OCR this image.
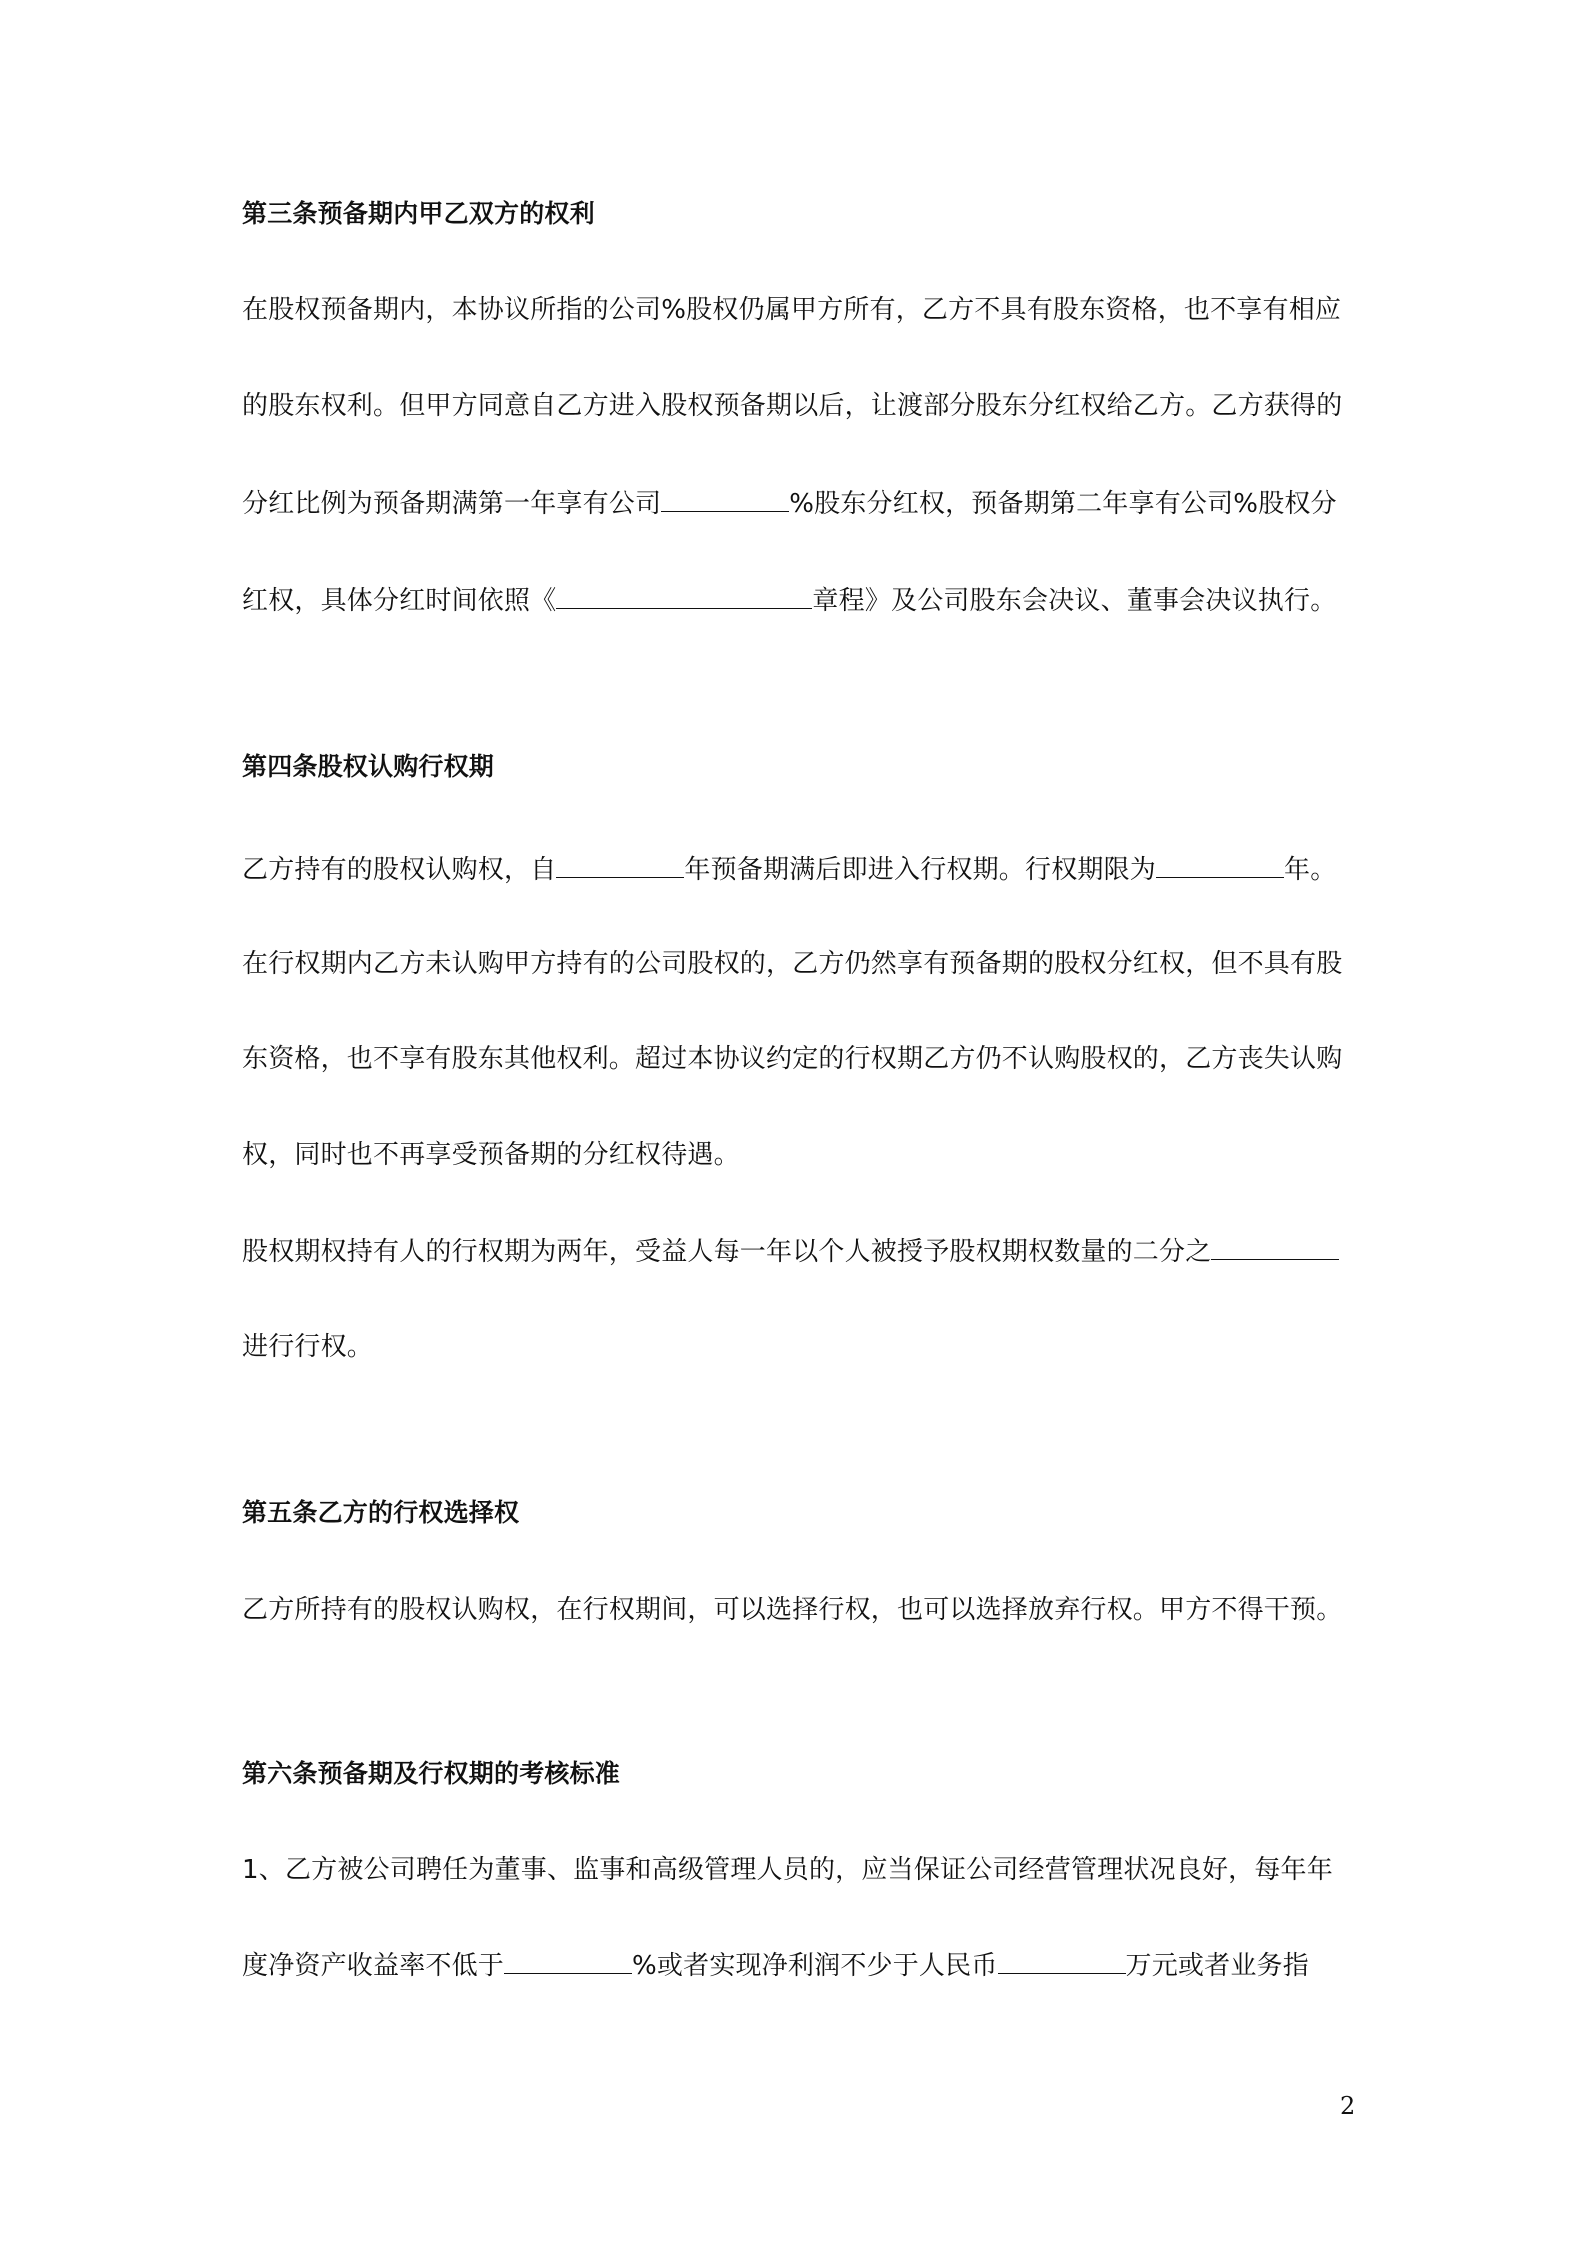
第三条预备期内甲乙双方的权利
在股权预备期内，本协议所指的公司%股权仍属甲方所有，乙方不具有股东资格，也不享有相应
的股东权利。但甲方同意自乙方进入股权预备期以后，让渡部分股东分红权给乙方。乙方获得的
分红比例为预备期满第一年享有公司	%股东分红权，预备期第二年享有公司%股权分
红权，具体分红时间依照《	章程》及公司股东会决议、董事会决议执行。
第四条股权认购行权期
乙方持有的股权认购权，自	年预备期满后即进入行权期。行权期限为	年。
在行权期内乙方未认购甲方持有的公司股权的，乙方仍然享有预备期的股权分红权，但不具有股
东资格，也不享有股东其他权利。超过本协议约定的行权期乙方仍不认购股权的，乙方丧失认购
权，同时也不再享受预备期的分红权待遇。
股权期权持有人的行权期为两年，受益人每一年以个人被授予股权期权数量的二分之
进行行权。
第五条乙方的行权选择权
乙方所持有的股权认购权，在行权期间，可以选择行权，也可以选择放弃行权。甲方不得干预。
第六条预备期及行权期的考核标准
1、乙方被公司聘任为董事、监事和高级管理人员的，应当保证公司经营管理状况良好，每年年
度净资产收益率不低于	%或者实现净利润不少于人民币	万元或者业务指
2
